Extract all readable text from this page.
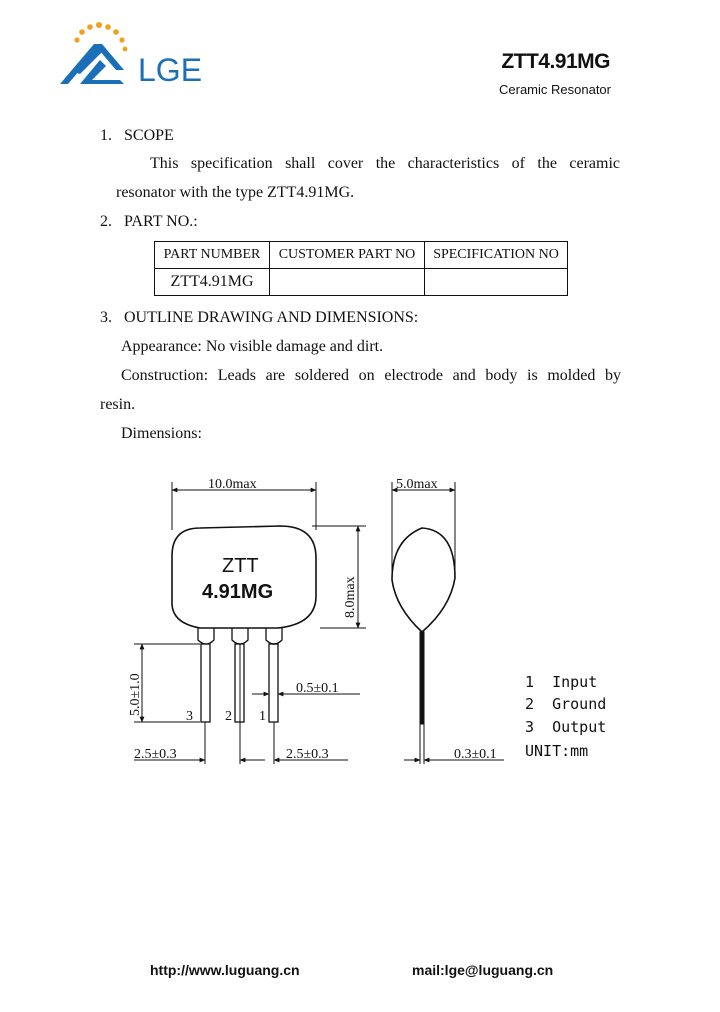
LGE	ZTT4.91MG
Ceramic Resonator
1.   SCOPE
This specification shall cover the characteristics of the ceramic
resonator with the type ZTT4.91MG.
2.   PART NO.:
PART NUMBER	CUSTOMER PART NO	SPECIFICATION NO
ZTT4.91MG		
3.   OUTLINE DRAWING AND DIMENSIONS:
Appearance: No visible damage and dirt.
Construction: Leads are soldered on electrode and body is molded by
resin.
Dimensions:
ZTT
4.91MG
3 2 1
10.0max
8.0max
5.0±1.0	0.5±0.1
2.5±0.3	2.5±0.3
5.0max
0.3±0.1
1  Input
2  Ground
3  Output
UNIT:mm
http://www.luguang.cn	mail:lge@luguang.cn
